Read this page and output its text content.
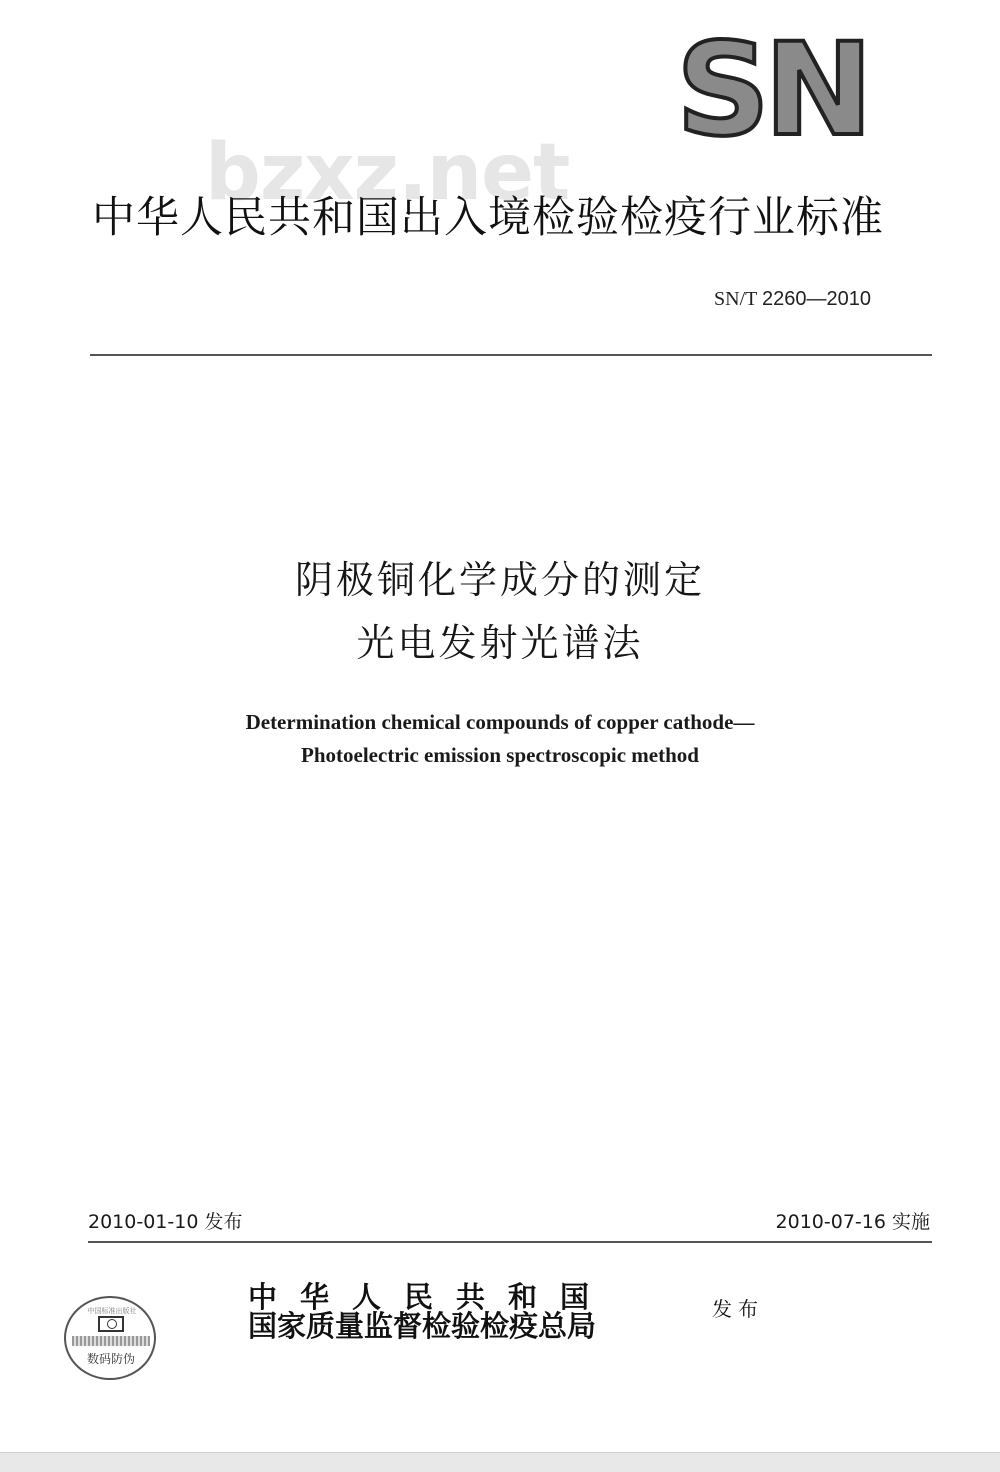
SN
bzxz.net
中华人民共和国出入境检验检疫行业标准
SN/T 2260—2010
阴极铜化学成分的测定
光电发射光谱法
Determination chemical compounds of copper cathode—
Photoelectric emission spectroscopic method
2010-01-10 发布	2010-07-16 实施
中国标准出版社
数码防伪
中华人民共和国
国家质量监督检验检疫总局	发布
